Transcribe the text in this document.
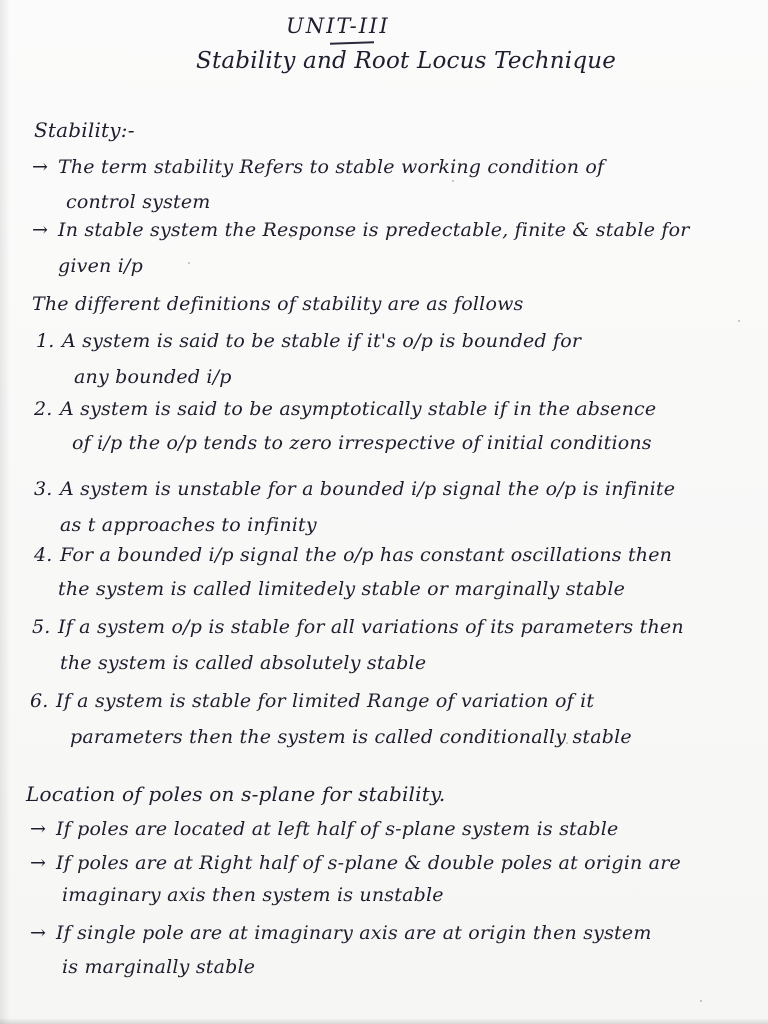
UNIT-III
Stability and Root Locus Technique
Stability:-
→ The term stability Refers to stable working condition of
control system
→ In stable system the Response is predectable, finite & stable for
given i/p
The different definitions of stability are as follows
1. A system is said to be stable if it's o/p is bounded for
any bounded i/p
2. A system is said to be asymptotically stable if in the absence
of i/p the o/p tends to zero irrespective of initial conditions
3. A system is unstable for a bounded i/p signal the o/p is infinite
as t approaches to infinity
4. For a bounded i/p signal the o/p has constant oscillations then
the system is called limitedely stable or marginally stable
5. If a system o/p is stable for all variations of its parameters then
the system is called absolutely stable
6. If a system is stable for limited Range of variation of it
parameters then the system is called conditionally stable
Location of poles on s-plane for stability.
→ If poles are located at left half of s-plane system is stable
→ If poles are at Right half of s-plane & double poles at origin are
imaginary axis then system is unstable
→ If single pole are at imaginary axis are at origin then system
is marginally stable
